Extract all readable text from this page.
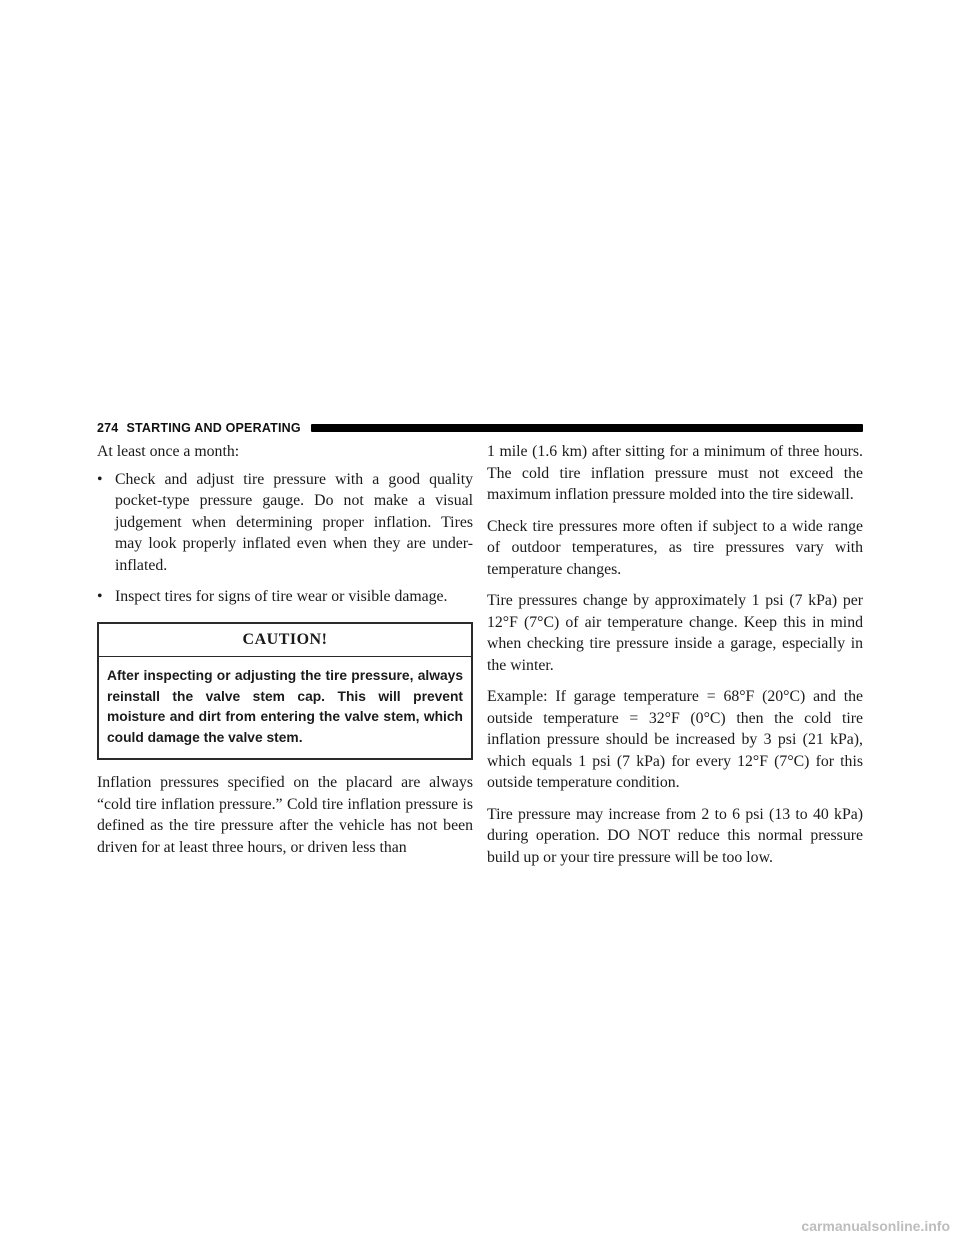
274 STARTING AND OPERATING

At least once a month:

• Check and adjust tire pressure with a good quality pocket-type pressure gauge. Do not make a visual judgement when determining proper inflation. Tires may look properly inflated even when they are under-inflated.
• Inspect tires for signs of tire wear or visible damage.
CAUTION!
After inspecting or adjusting the tire pressure, always reinstall the valve stem cap. This will prevent moisture and dirt from entering the valve stem, which could damage the valve stem.

Inflation pressures specified on the placard are always “cold tire inflation pressure.” Cold tire inflation pressure is defined as the tire pressure after the vehicle has not been driven for at least three hours, or driven less than

1 mile (1.6 km) after sitting for a minimum of three hours. The cold tire inflation pressure must not exceed the maximum inflation pressure molded into the tire sidewall.

Check tire pressures more often if subject to a wide range of outdoor temperatures, as tire pressures vary with temperature changes.

Tire pressures change by approximately 1 psi (7 kPa) per 12°F (7°C) of air temperature change. Keep this in mind when checking tire pressure inside a garage, especially in the winter.

Example: If garage temperature = 68°F (20°C) and the outside temperature = 32°F (0°C) then the cold tire inflation pressure should be increased by 3 psi (21 kPa), which equals 1 psi (7 kPa) for every 12°F (7°C) for this outside temperature condition.

Tire pressure may increase from 2 to 6 psi (13 to 40 kPa) during operation. DO NOT reduce this normal pressure build up or your tire pressure will be too low.

carmanualsonline.info
